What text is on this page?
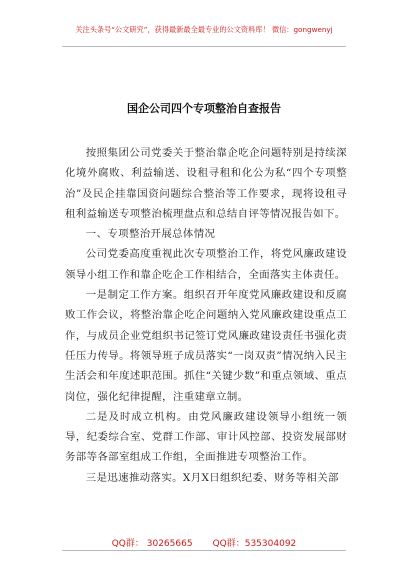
关注头条号“公文研究”，获得最新最全最专业的公文资料库！ 微信：gongwenyj
国企公司四个专项整治自查报告

按照集团公司党委关于整治靠企吃企问题特别是持续深化境外腐败、利益输送、设租寻租和化公为私“四个专项整治”及民企挂靠国资问题综合整治等工作要求，现将设租寻租利益输送专项整治梳理盘点和总结自评等情况报告如下。

一、专项整治开展总体情况

公司党委高度重视此次专项整治工作，将党风廉政建设领导小组工作和靠企吃企工作相结合，全面落实主体责任。

一是制定工作方案。组织召开年度党风廉政建设和反腐败工作会议，将整治靠企吃企问题纳入党风廉政建设重点工作，与成员企业党组织书记签订党风廉政建设责任书强化责任压力传导。将领导班子成员落实“一岗双责”情况纳入民主生活会和年度述职范围。抓住“关键少数”和重点领域、重点岗位，强化纪律提醒，注重建章立制。

二是及时成立机构。由党风廉政建设领导小组统一领导，纪委综合室、党群工作部、审计风控部、投资发展部财务部等各部室组成工作组，全面推进专项整治工作。

三是迅速推动落实。X月X日组织纪委、财务等相关部

QQ群： 30265665 QQ群：535304092
